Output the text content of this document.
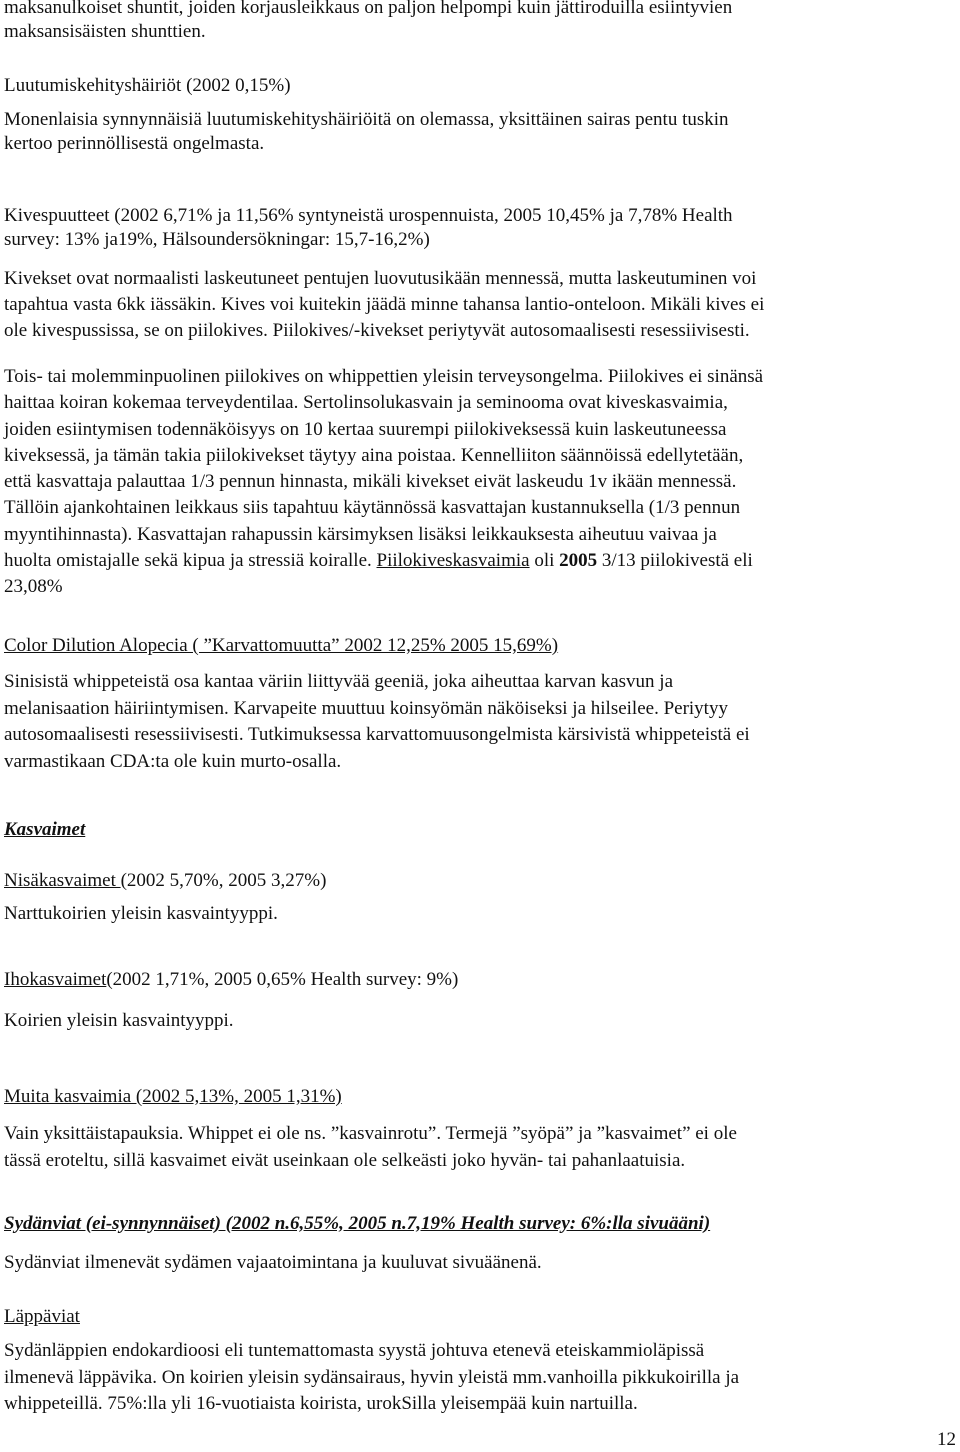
maksanulkoiset shuntit, joiden korjausleikkaus on paljon helpompi kuin jättiroduilla esiintyvien
maksansisäisten shunttien.

Luutumiskehityshäiriöt (2002 0,15%)

Monenlaisia synnynnäisiä luutumiskehityshäiriöitä on olemassa, yksittäinen sairas pentu tuskin
kertoo perinnöllisestä ongelmasta.

Kivespuutteet (2002 6,71% ja 11,56% syntyneistä urospennuista, 2005 10,45% ja 7,78% Health
survey: 13% ja19%, Hälsoundersökningar: 15,7-16,2%)

Kivekset ovat normaalisti laskeutuneet pentujen luovutusikään mennessä, mutta laskeutuminen voi
tapahtua vasta 6kk iässäkin. Kives voi kuitekin jäädä minne tahansa lantio-onteloon. Mikäli kives ei
ole kivespussissa, se on piilokives. Piilokives/-kivekset periytyvät autosomaalisesti resessiivisesti.

Tois- tai molemminpuolinen piilokives on whippettien yleisin terveysongelma. Piilokives ei sinänsä
haittaa koiran kokemaa terveydentilaa. Sertolinsolukasvain ja seminooma ovat kiveskasvaimia,
joiden esiintymisen todennäköisyys on 10 kertaa suurempi piilokiveksessä kuin laskeutuneessa
kiveksessä, ja tämän takia piilokivekset täytyy aina poistaa. Kennelliiton säännöissä edellytetään,
että kasvattaja palauttaa 1/3 pennun hinnasta, mikäli kivekset eivät laskeudu 1v ikään mennessä.
Tällöin ajankohtainen leikkaus siis tapahtuu käytännössä kasvattajan kustannuksella (1/3 pennun
myyntihinnasta). Kasvattajan rahapussin kärsimyksen lisäksi leikkauksesta aiheutuu vaivaa ja
huolta omistajalle sekä kipua ja stressiä koiralle. Piilokiveskasvaimia oli 2005 3/13 piilokivestä eli
23,08%

Color Dilution Alopecia ( ”Karvattomuutta” 2002 12,25% 2005 15,69%)

Sinisistä whippeteistä osa kantaa väriin liittyvää geeniä, joka aiheuttaa karvan kasvun ja
melanisaation häiriintymisen. Karvapeite muuttuu koinsyömän näköiseksi ja hilseilee. Periytyy
autosomaalisesti resessiivisesti. Tutkimuksessa karvattomuusongelmista kärsivistä whippeteistä ei
varmastikaan CDA:ta ole kuin murto-osalla.

Kasvaimet

Nisäkasvaimet (2002 5,70%, 2005 3,27%)

Narttukoirien yleisin kasvaintyyppi.

Ihokasvaimet(2002 1,71%, 2005 0,65% Health survey: 9%)

Koirien yleisin kasvaintyyppi.

Muita kasvaimia (2002 5,13%, 2005 1,31%)

Vain yksittäistapauksia. Whippet ei ole ns. ”kasvainrotu”. Termejä ”syöpä” ja ”kasvaimet” ei ole
tässä eroteltu, sillä kasvaimet eivät useinkaan ole selkeästi joko hyvän- tai pahanlaatuisia.

Sydänviat (ei-synnynnäiset) (2002 n.6,55%, 2005 n.7,19% Health survey: 6%:lla sivuääni)

Sydänviat ilmenevät sydämen vajaatoimintana ja kuuluvat sivuäänenä.

Läppäviat

Sydänläppien endokardioosi eli tuntemattomasta syystä johtuva etenevä eteiskammioläpissä
ilmenevä läppävika. On koirien yleisin sydänsairaus, hyvin yleistä mm.vanhoilla pikkukoirilla ja
whippeteillä. 75%:lla yli 16-vuotiaista koirista, urokSilla yleisempää kuin nartuilla.

12
